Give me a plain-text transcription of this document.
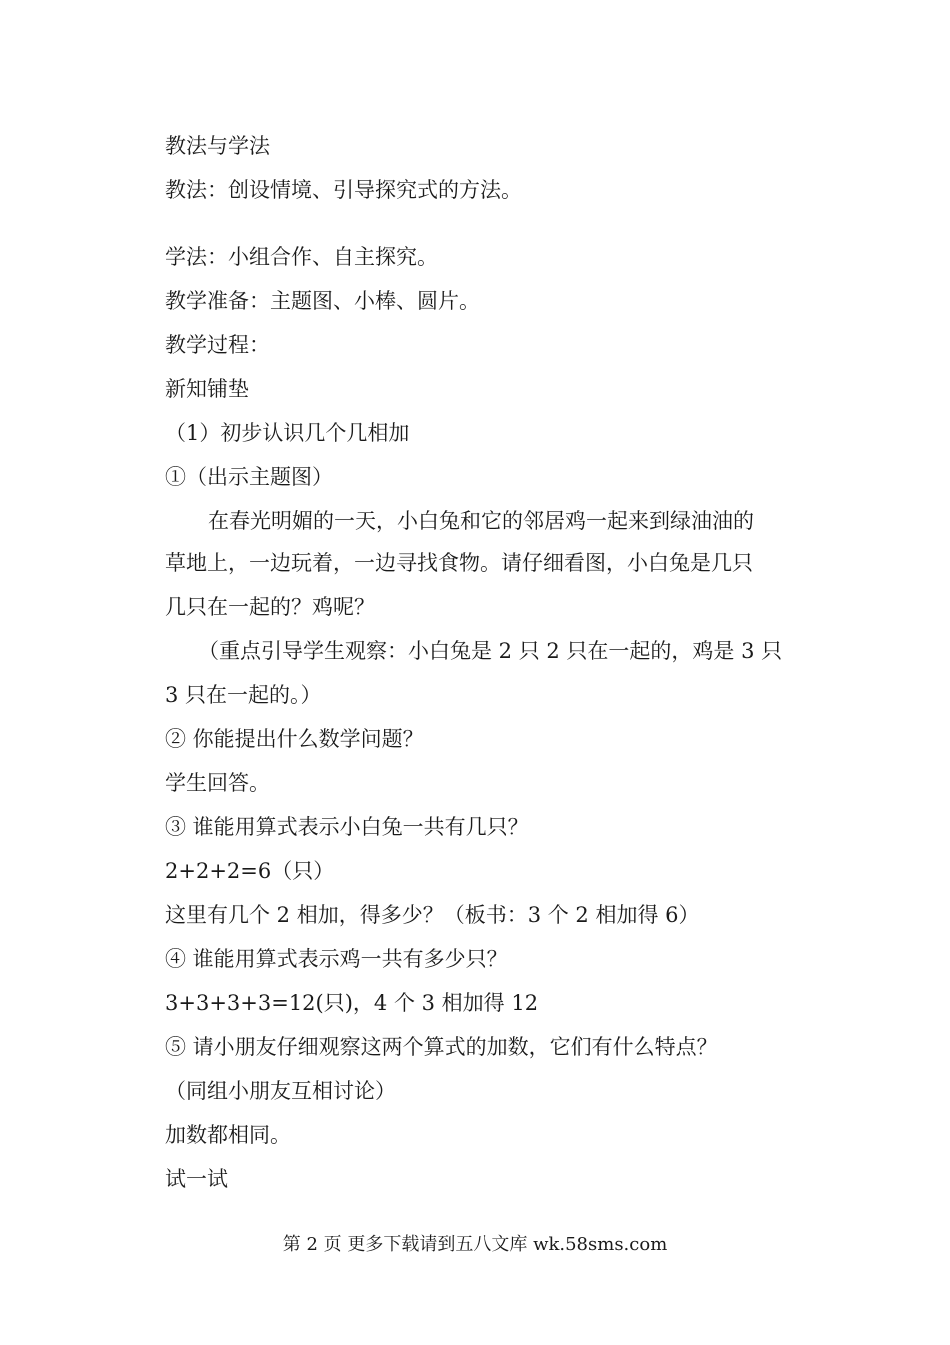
教法与学法
教法：创设情境、引导探究式的方法。
学法：小组合作、自主探究。
教学准备：主题图、小棒、圆片。
教学过程：
新知铺垫
（1）初步认识几个几相加
①（出示主题图）
在春光明媚的一天，小白兔和它的邻居鸡一起来到绿油油的
草地上，一边玩着，一边寻找食物。请仔细看图，小白兔是几只
几只在一起的？鸡呢？
（重点引导学生观察：小白兔是 2 只 2 只在一起的，鸡是 3 只
3 只在一起的。）
② 你能提出什么数学问题？
学生回答。
③ 谁能用算式表示小白兔一共有几只？
2+2+2=6（只）
这里有几个 2 相加，得多少？（板书：3 个 2 相加得 6）
④ 谁能用算式表示鸡一共有多少只？
3+3+3+3=12(只)，4 个 3 相加得 12
⑤ 请小朋友仔细观察这两个算式的加数，它们有什么特点？
（同组小朋友互相讨论）
加数都相同。
试一试
第 2 页 更多下载请到五八文库 wk.58sms.com
